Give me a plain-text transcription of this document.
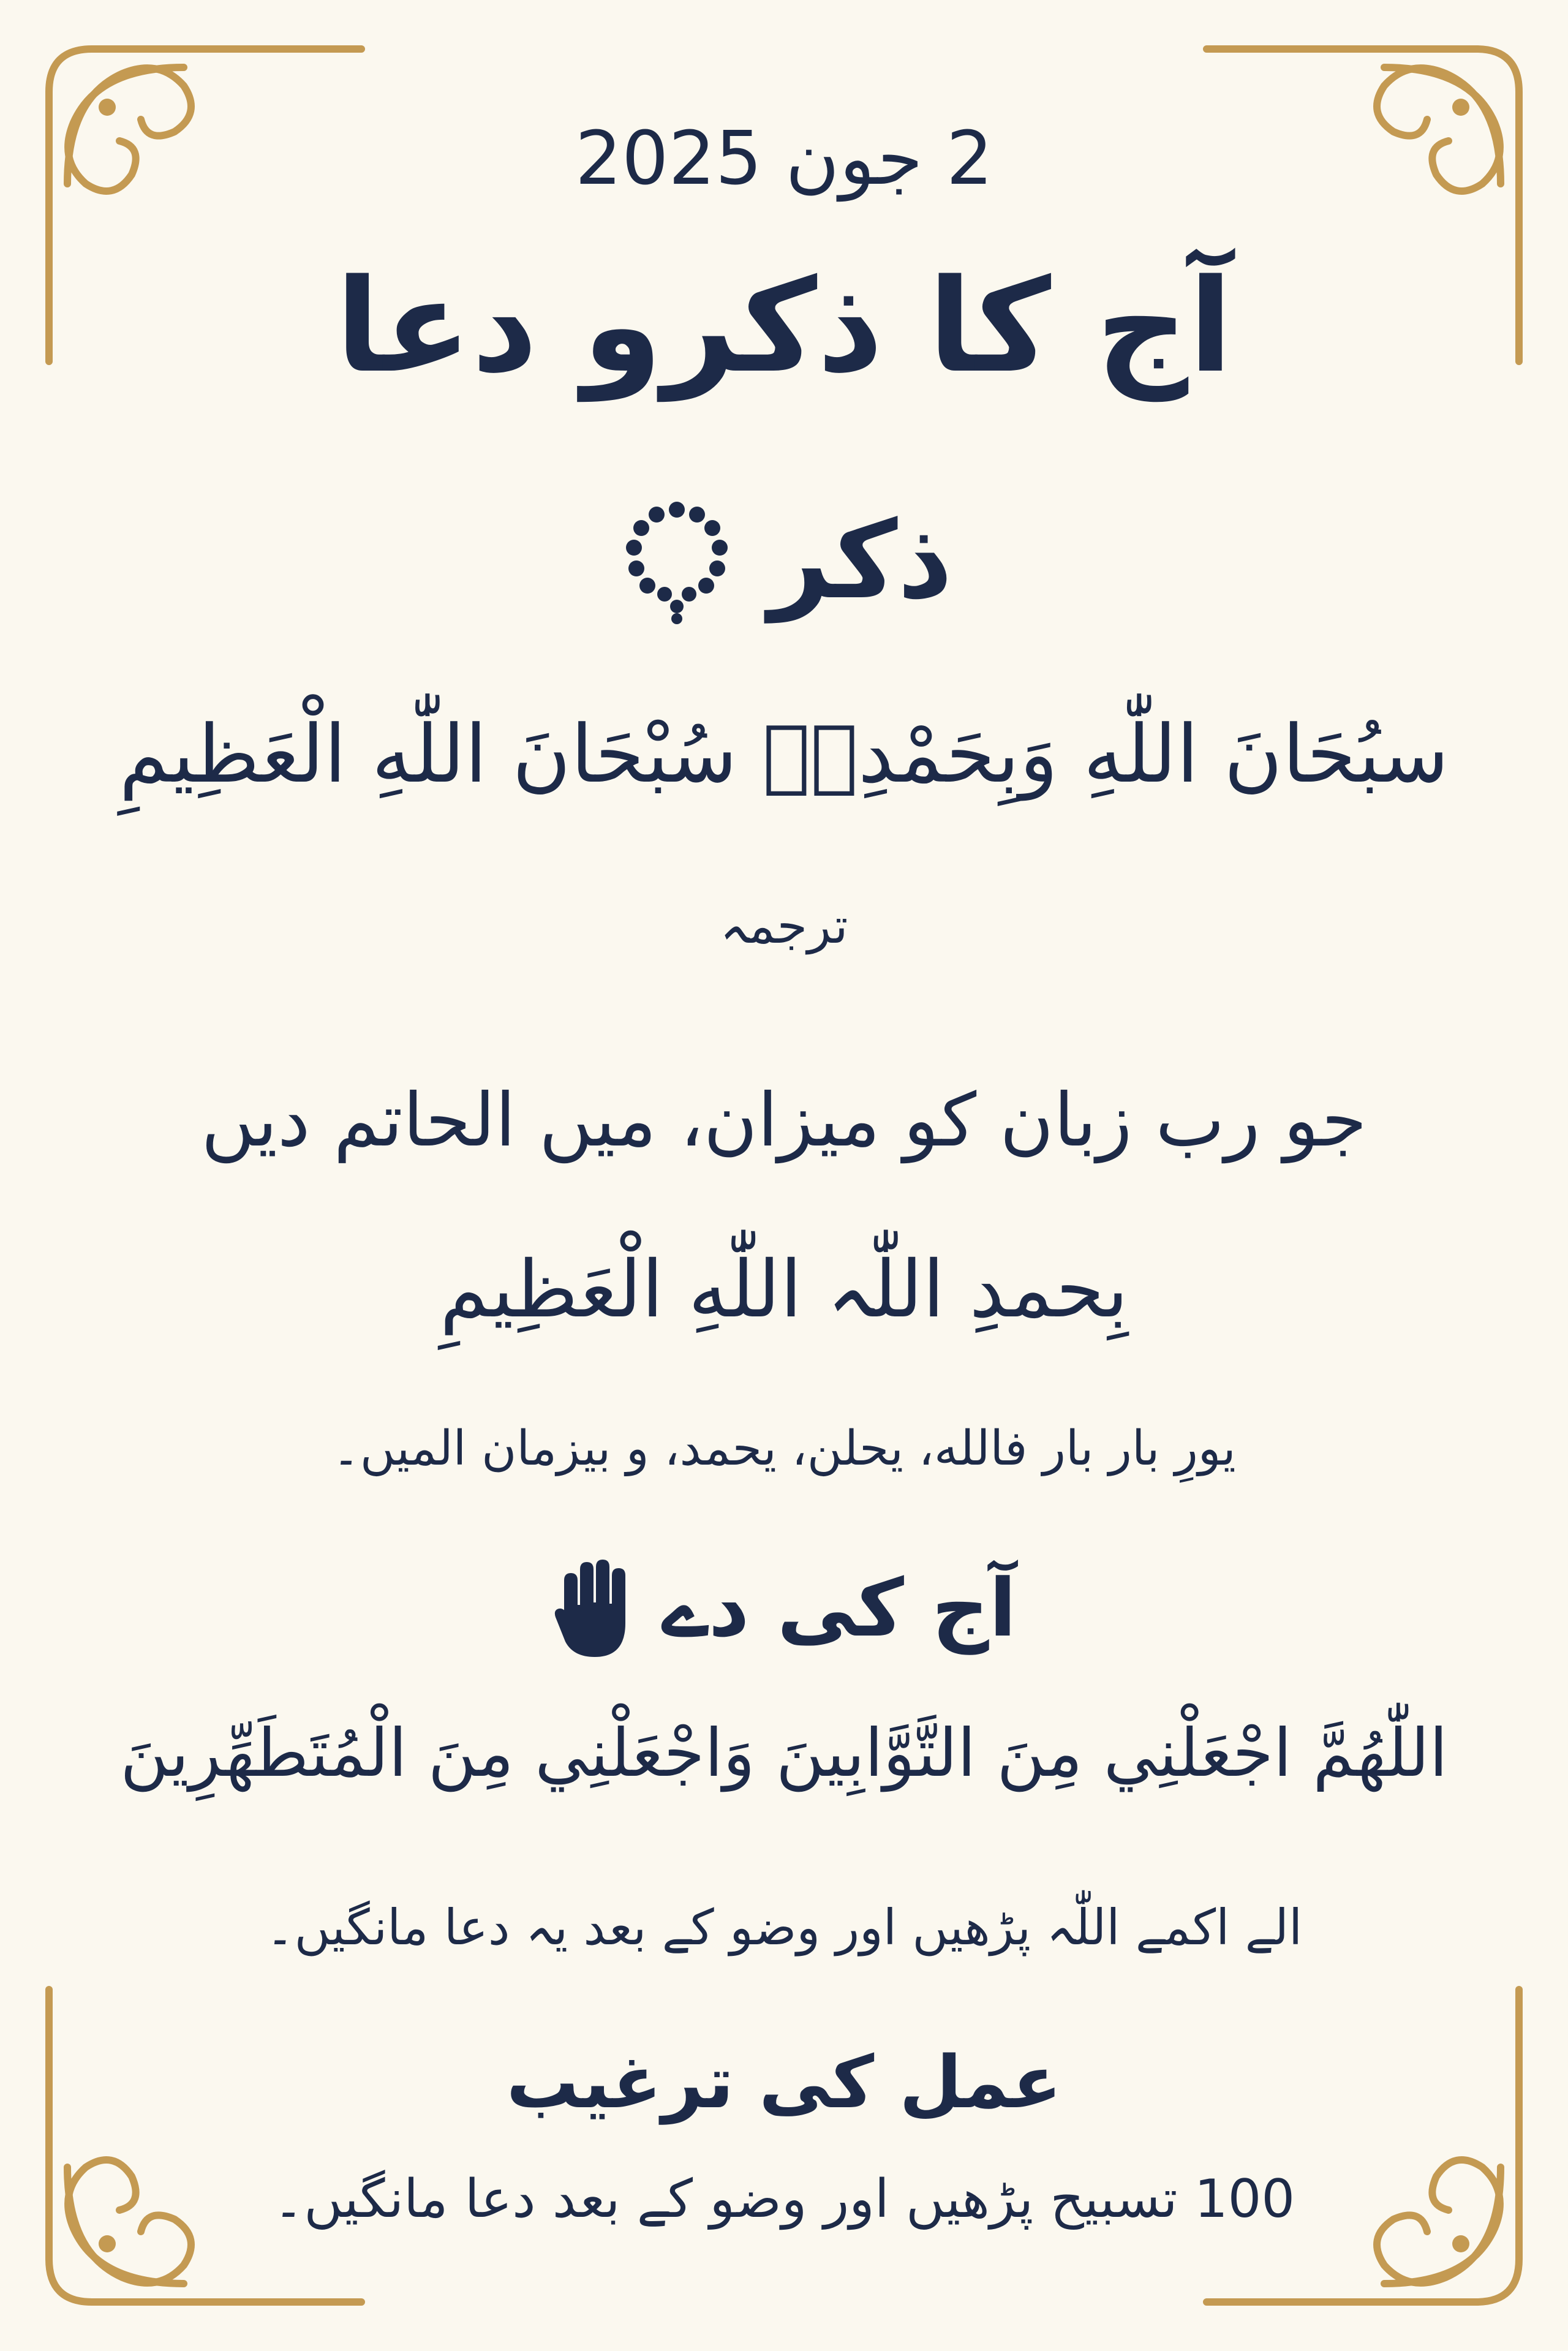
2 جون 2025
آج کا ذکرو دعا
ذکر
سبُحَانَ اللّٰهِ وَبِحَمْدِهٖ سُبْحَانَ اللّٰهِ الْعَظِيمِ
ترجمہ
جو رب زبان کو میزان، میں الحاتم دیں
بِحمدِ اللّٰہ اللّٰهِ الْعَظِيمِ
یورِ بار بار فالله، یحلن، یحمد، و بیزمان المیں۔
آج کی دے
اللّٰهُمَّ اجْعَلْنِي مِنَ التَّوَّابِينَ وَاجْعَلْنِي مِنَ الْمُتَطَهِّرِينَ
الے اکمے اللّٰہ پڑھیں اور وضو کے بعد یہ دعا مانگیں۔
عمل کی ترغیب
100 تسبیح پڑھیں اور وضو کے بعد دعا مانگیں۔
